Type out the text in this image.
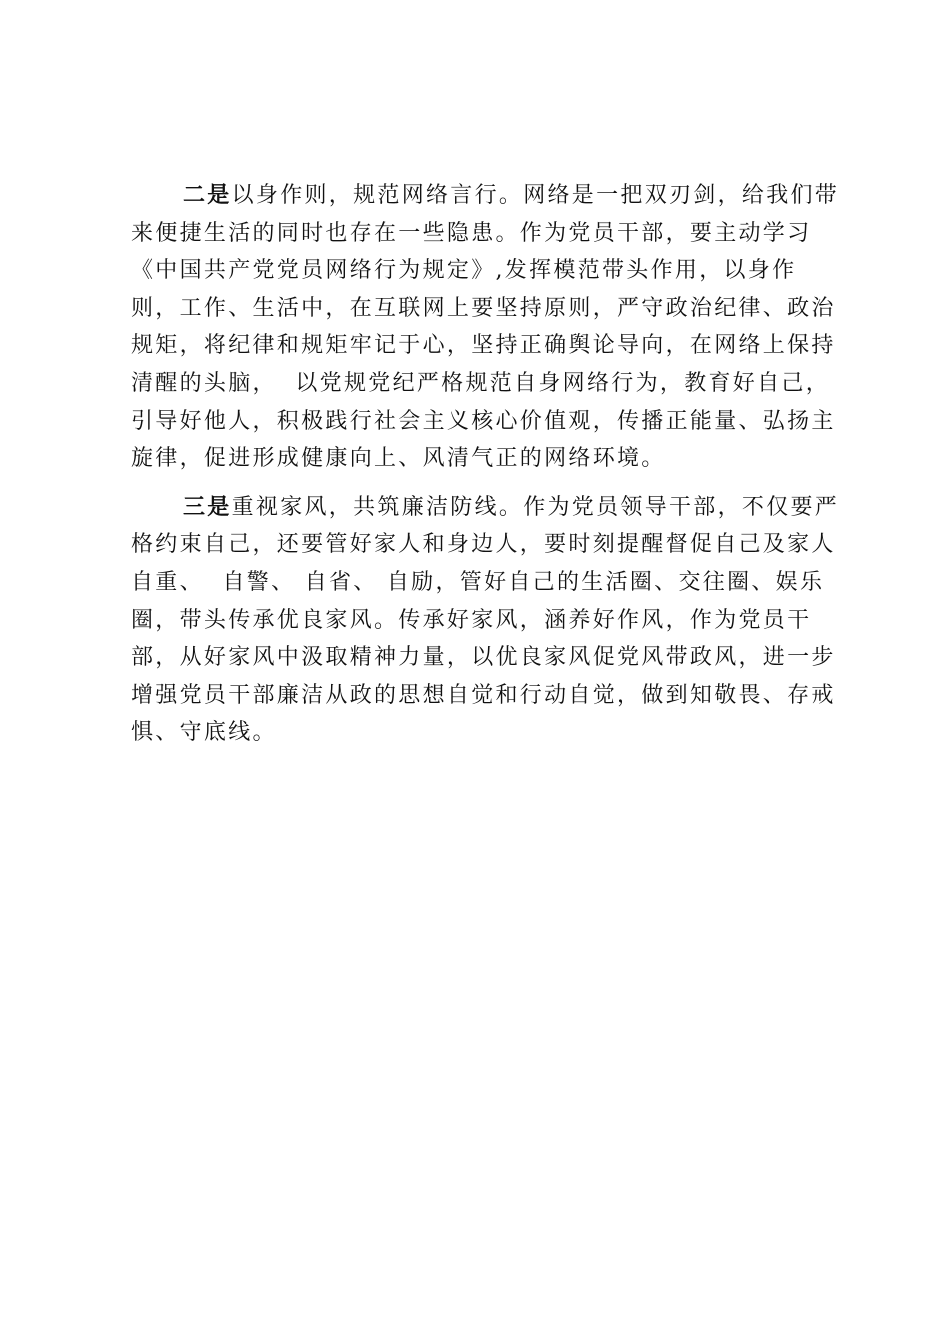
二是以身作则，规范网络言行。网络是一把双刃剑，给我们带来便捷生活的同时也存在一些隐患。作为党员干部，要主动学习《中国共产党党员网络行为规定》,发挥模范带头作用，以身作则，工作、生活中，在互联网上要坚持原则，严守政治纪律、政治规矩，将纪律和规矩牢记于心，坚持正确舆论导向，在网络上保持清醒的头脑，  以党规党纪严格规范自身网络行为，教育好自己，引导好他人，积极践行社会主义核心价值观，传播正能量、弘扬主旋律，促进形成健康向上、风清气正的网络环境。

三是重视家风，共筑廉洁防线。作为党员领导干部，不仅要严格约束自己，还要管好家人和身边人，要时刻提醒督促自己及家人自重、  自警、 自省、 自励，管好自己的生活圈、交往圈、娱乐圈，带头传承优良家风。传承好家风，涵养好作风，作为党员干部，从好家风中汲取精神力量，以优良家风促党风带政风，进一步增强党员干部廉洁从政的思想自觉和行动自觉，做到知敬畏、存戒惧、守底线。
